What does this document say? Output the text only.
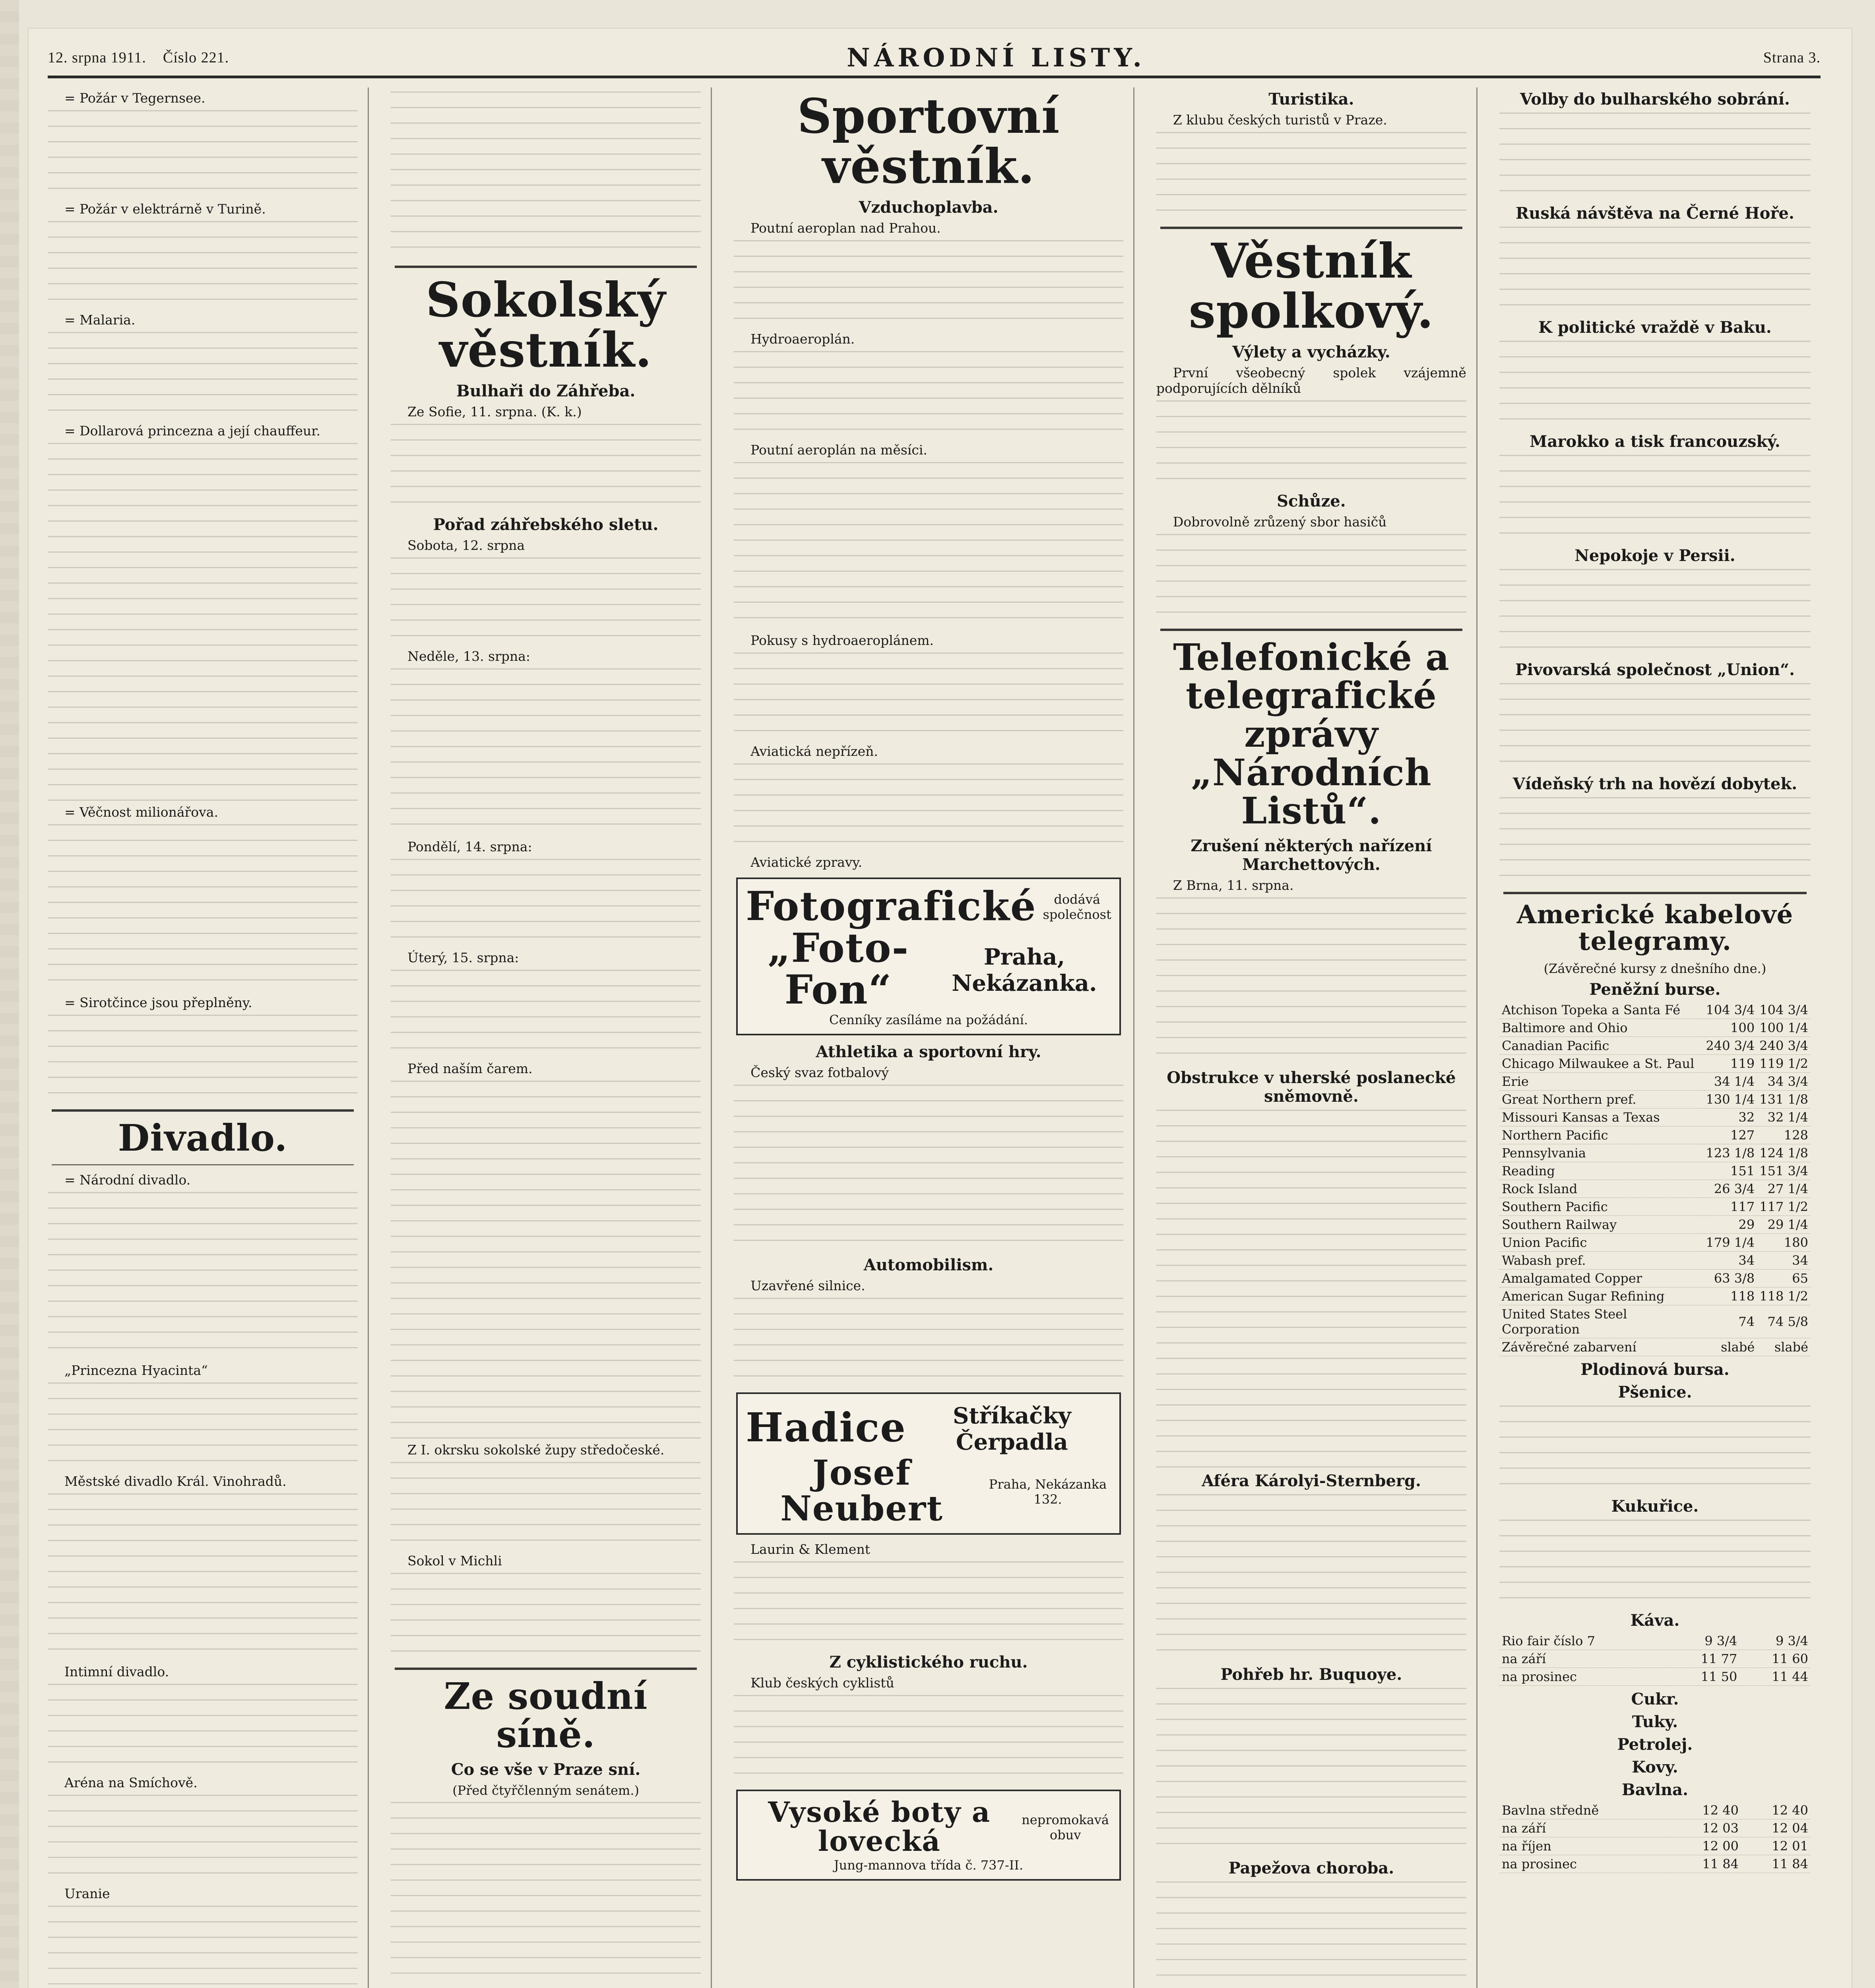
12. srpna 1911. Číslo 221.	NÁRODNÍ LISTY.	Strana 3.
= Požár v Tegernsee.
= Požár v elektrárně v Turině.
= Malaria.
= Dollarová princezna a její chauffeur.
= Věčnost milionářova.
= Sirotčince jsou přeplněny.
Divadlo.
= Národní divadlo.
„Princezna Hyacinta“
Městské divadlo Král. Vinohradů.
Intimní divadlo.
Aréna na Smíchově.
Uranie
Sokolský věstník.
Bulhaři do Záhřeba.
Ze Sofie, 11. srpna. (K. k.)
Pořad záhřebského sletu.
Sobota, 12. srpna
Neděle, 13. srpna:
Pondělí, 14. srpna:
Úterý, 15. srpna:
Před naším čarem.
Z I. okrsku sokolské župy středočeské.
Sokol v Michli
Ze soudní síně.
Co se vše v Praze sní.
(Před čtyřčlenným senátem.)
Sportovní věstník.
Vzduchoplavba.
Poutní aeroplan nad Prahou.
Hydroaeroplán.
Poutní aeroplán na měsíci.
Pokusy s hydroaeroplánem.
Aviatická nepřízeň.
Aviatické zpravy.
Fotografické	dodává společnost
„Foto-Fon“
Praha, Nekázanka.
Cenníky zasíláme na požádání.
Athletika a sportovní hry.
Český svaz fotbalový
Automobilism.
Uzavřené silnice.
Hadice	Stříkačky Čerpadla
Josef Neubert
Praha, Nekázanka 132.
Laurin & Klement
Z cyklistického ruchu.
Klub českých cyklistů
Vysoké boty a lovecká
nepromokavá obuv
Jung-mannova třída č. 737-II.
Turistika.
Z klubu českých turistů v Praze.
Věstník spolkový.
Výlety a vycházky.
První všeobecný spolek vzájemně podporujících dělníků
Schůze.
Dobrovolně zrůzený sbor hasičů
Telefonické a telegrafické zprávy „Národních Listů“.
Zrušení některých nařízení Marchettových.
Z Brna, 11. srpna.
Obstrukce v uherské poslanecké sněmovně.
Aféra Károlyi-Sternberg.
Pohřeb hr. Buquoye.
Papežova choroba.
Volby do bulharského sobrání.
Ruská návštěva na Černé Hoře.
K politické vraždě v Baku.
Marokko a tisk francouzský.
Nepokoje v Persii.
Pivovarská společnost „Union“.
Vídeňský trh na hovězí dobytek.
Americké kabelové telegramy.
(Závěrečné kursy z dnešního dne.)
Peněžní burse.
Atchison Topeka a Santa Fé	104 3/4	104 3/4
Baltimore and Ohio	100	100 1/4
Canadian Pacific	240 3/4	240 3/4
Chicago Milwaukee a St. Paul	119	119 1/2
Erie	34 1/4	34 3/4
Great Northern pref.	130 1/4	131 1/8
Missouri Kansas a Texas	32	32 1/4
Northern Pacific	127	128
Pennsylvania	123 1/8	124 1/8
Reading	151	151 3/4
Rock Island	26 3/4	27 1/4
Southern Pacific	117	117 1/2
Southern Railway	29	29 1/4
Union Pacific	179 1/4	180
Wabash pref.	34	34
Amalgamated Copper	63 3/8	65
American Sugar Refining	118	118 1/2
United States Steel Corporation	74	74 5/8
Závěrečné zabarvení	slabé	slabé
Plodinová bursa.
Pšenice.
Kukuřice.
Káva.
Rio fair číslo 7	9 3/4	9 3/4
na září	11 77	11 60
na prosinec	11 50	11 44
Cukr.
Tuky.
Petrolej.
Kovy.
Bavlna.
Bavlna středně	12 40	12 40
na září	12 03	12 04
na říjen	12 00	12 01
na prosinec	11 84	11 84
